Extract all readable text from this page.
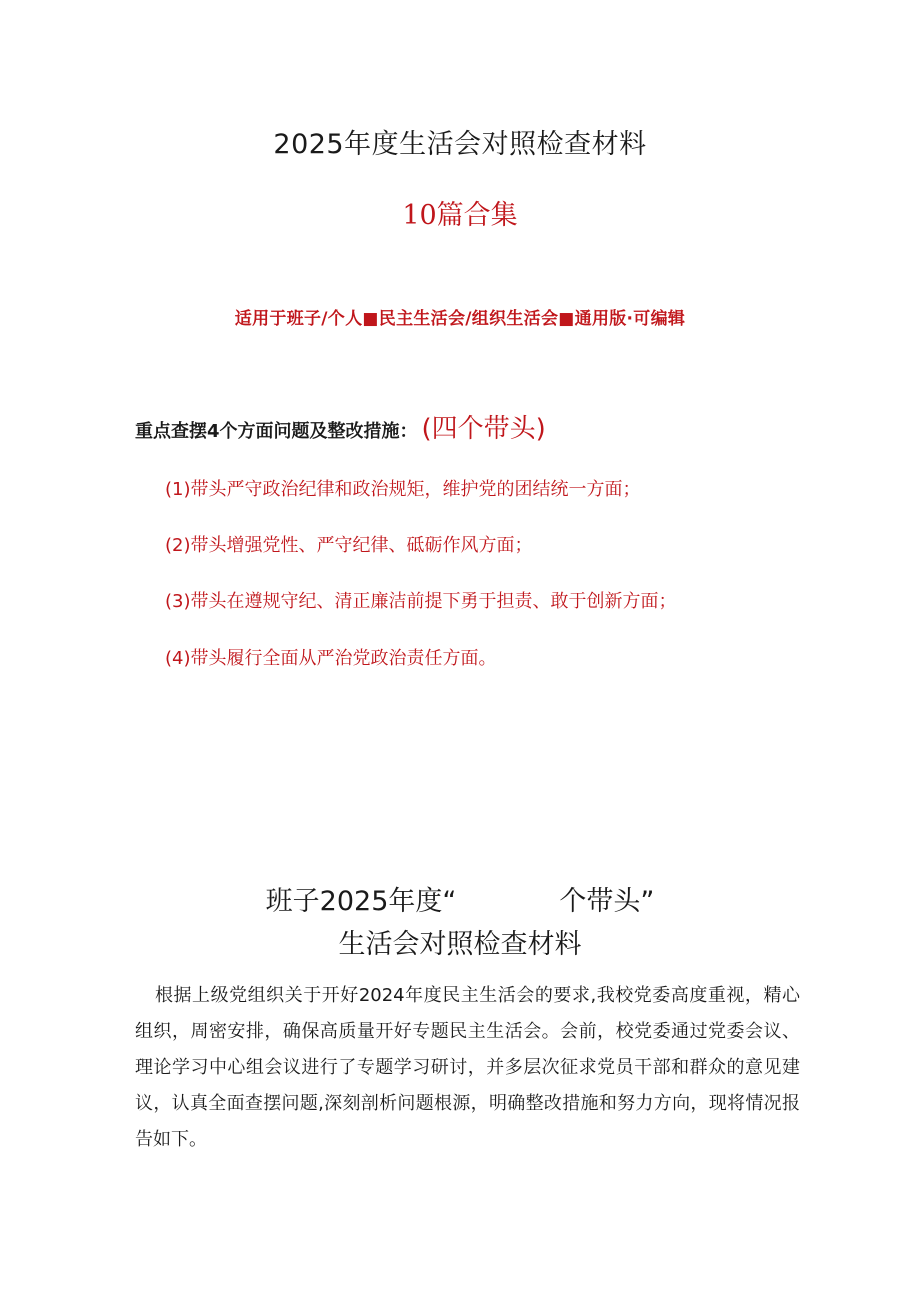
2025年度生活会对照检查材料
10篇合集
适用于班子/个人■民主生活会/组织生活会■通用版·可编辑
重点查摆4个方面问题及整改措施： (四个带头)
(1)带头严守政治纪律和政治规矩，维护党的团结统一方面；
(2)带头增强党性、严守纪律、砥砺作风方面；
(3)带头在遵规守纪、清正廉洁前提下勇于担责、敢于创新方面；
(4)带头履行全面从严治党政治责任方面。
班子2025年度“            个带头”
生活会对照检查材料
根据上级党组织关于开好2024年度民主生活会的要求,我校党委高度重视，精心组织，周密安排，确保高质量开好专题民主生活会。会前，校党委通过党委会议、理论学习中心组会议进行了专题学习研讨，并多层次征求党员干部和群众的意见建议，认真全面查摆问题,深刻剖析问题根源，明确整改措施和努力方向，现将情况报告如下。
